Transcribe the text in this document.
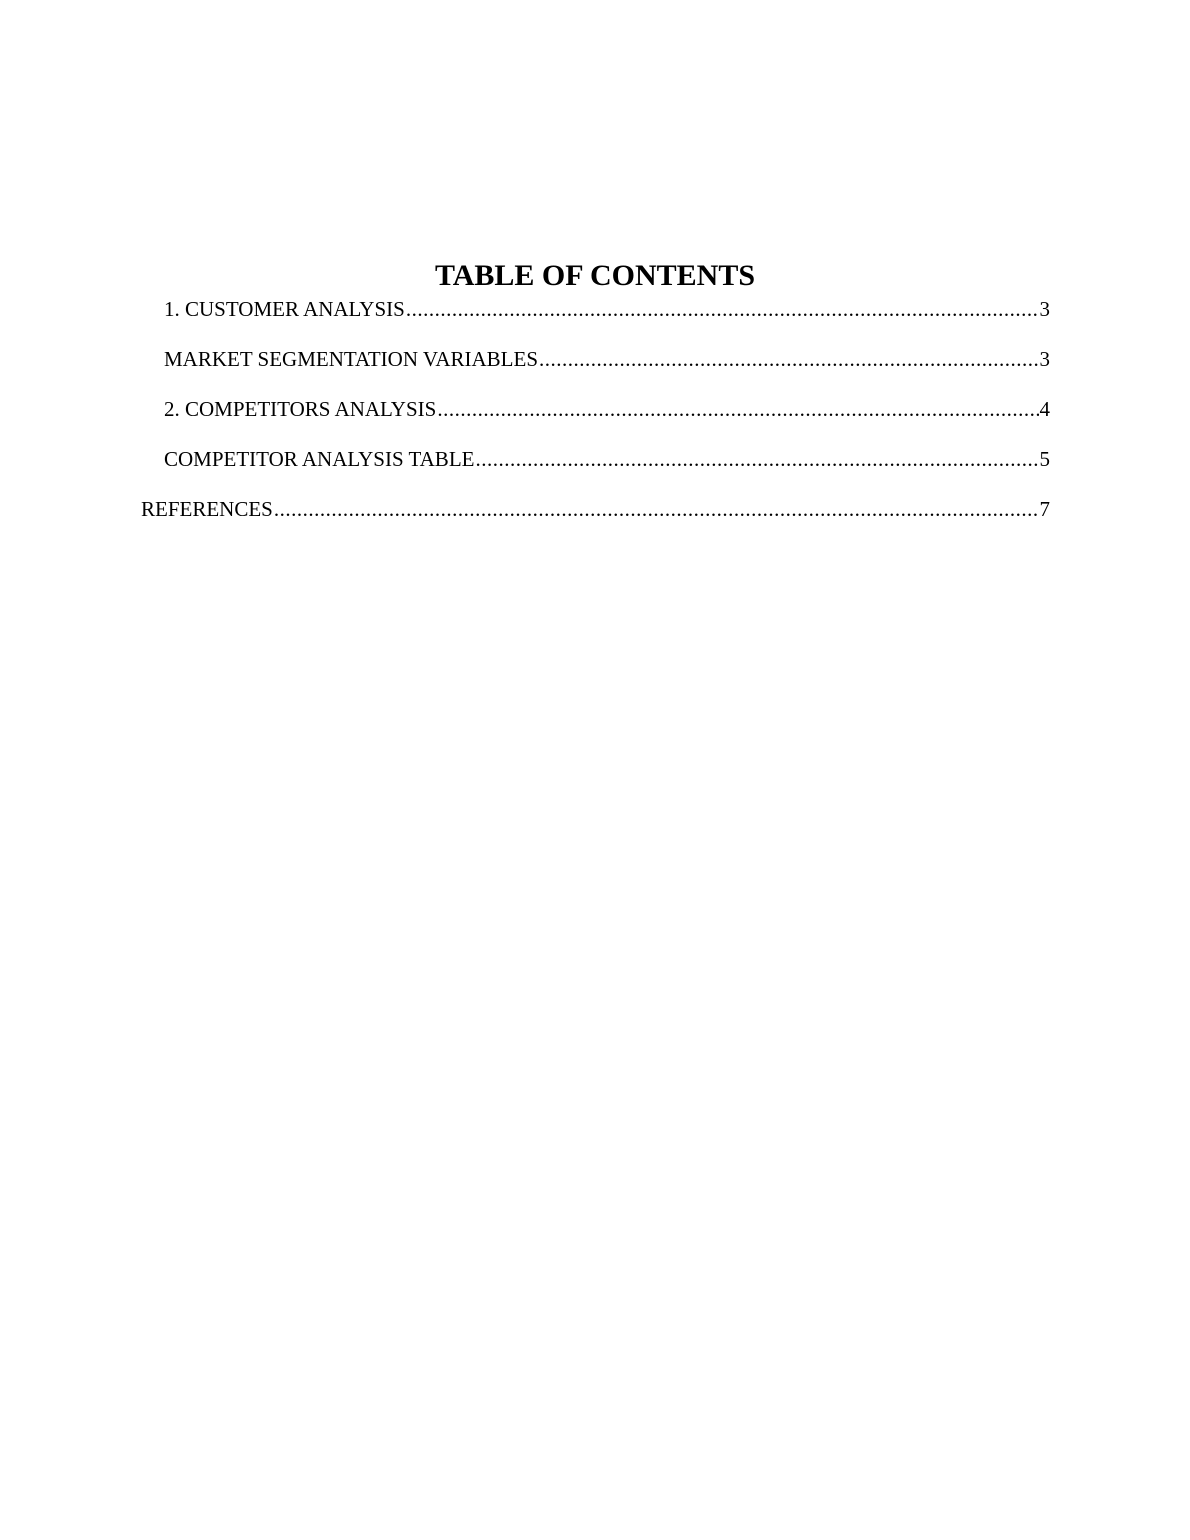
TABLE OF CONTENTS
1. CUSTOMER ANALYSIS .....	3
MARKET SEGMENTATION VARIABLES .....	3
2. COMPETITORS ANALYSIS .....	4
COMPETITOR ANALYSIS TABLE .....	5
REFERENCES .....	7
